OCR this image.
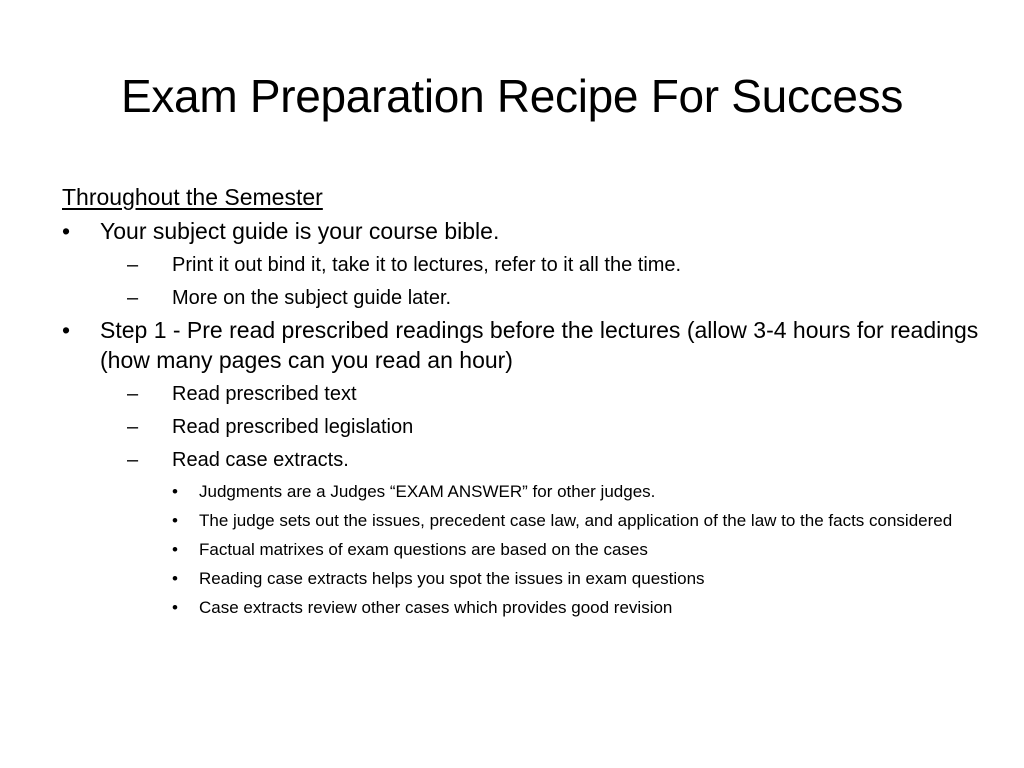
Exam Preparation Recipe For Success
Throughout the Semester
•	Your subject guide is your course bible.
–	Print it out bind it, take it to lectures, refer to it all the time.
–	More on the subject guide later.
•	Step 1 - Pre read prescribed readings before the lectures (allow 3-4 hours for readings (how many pages can you read an hour)
–	Read prescribed text
–	Read prescribed legislation
–	Read case extracts.
•	Judgments are a Judges “EXAM ANSWER” for other judges.
•	The judge sets out the issues, precedent case law, and application of the law to the facts considered
•	Factual matrixes of exam questions are based on the cases
•	Reading case extracts helps you spot the issues in exam questions
•	Case extracts review other cases which provides good revision
